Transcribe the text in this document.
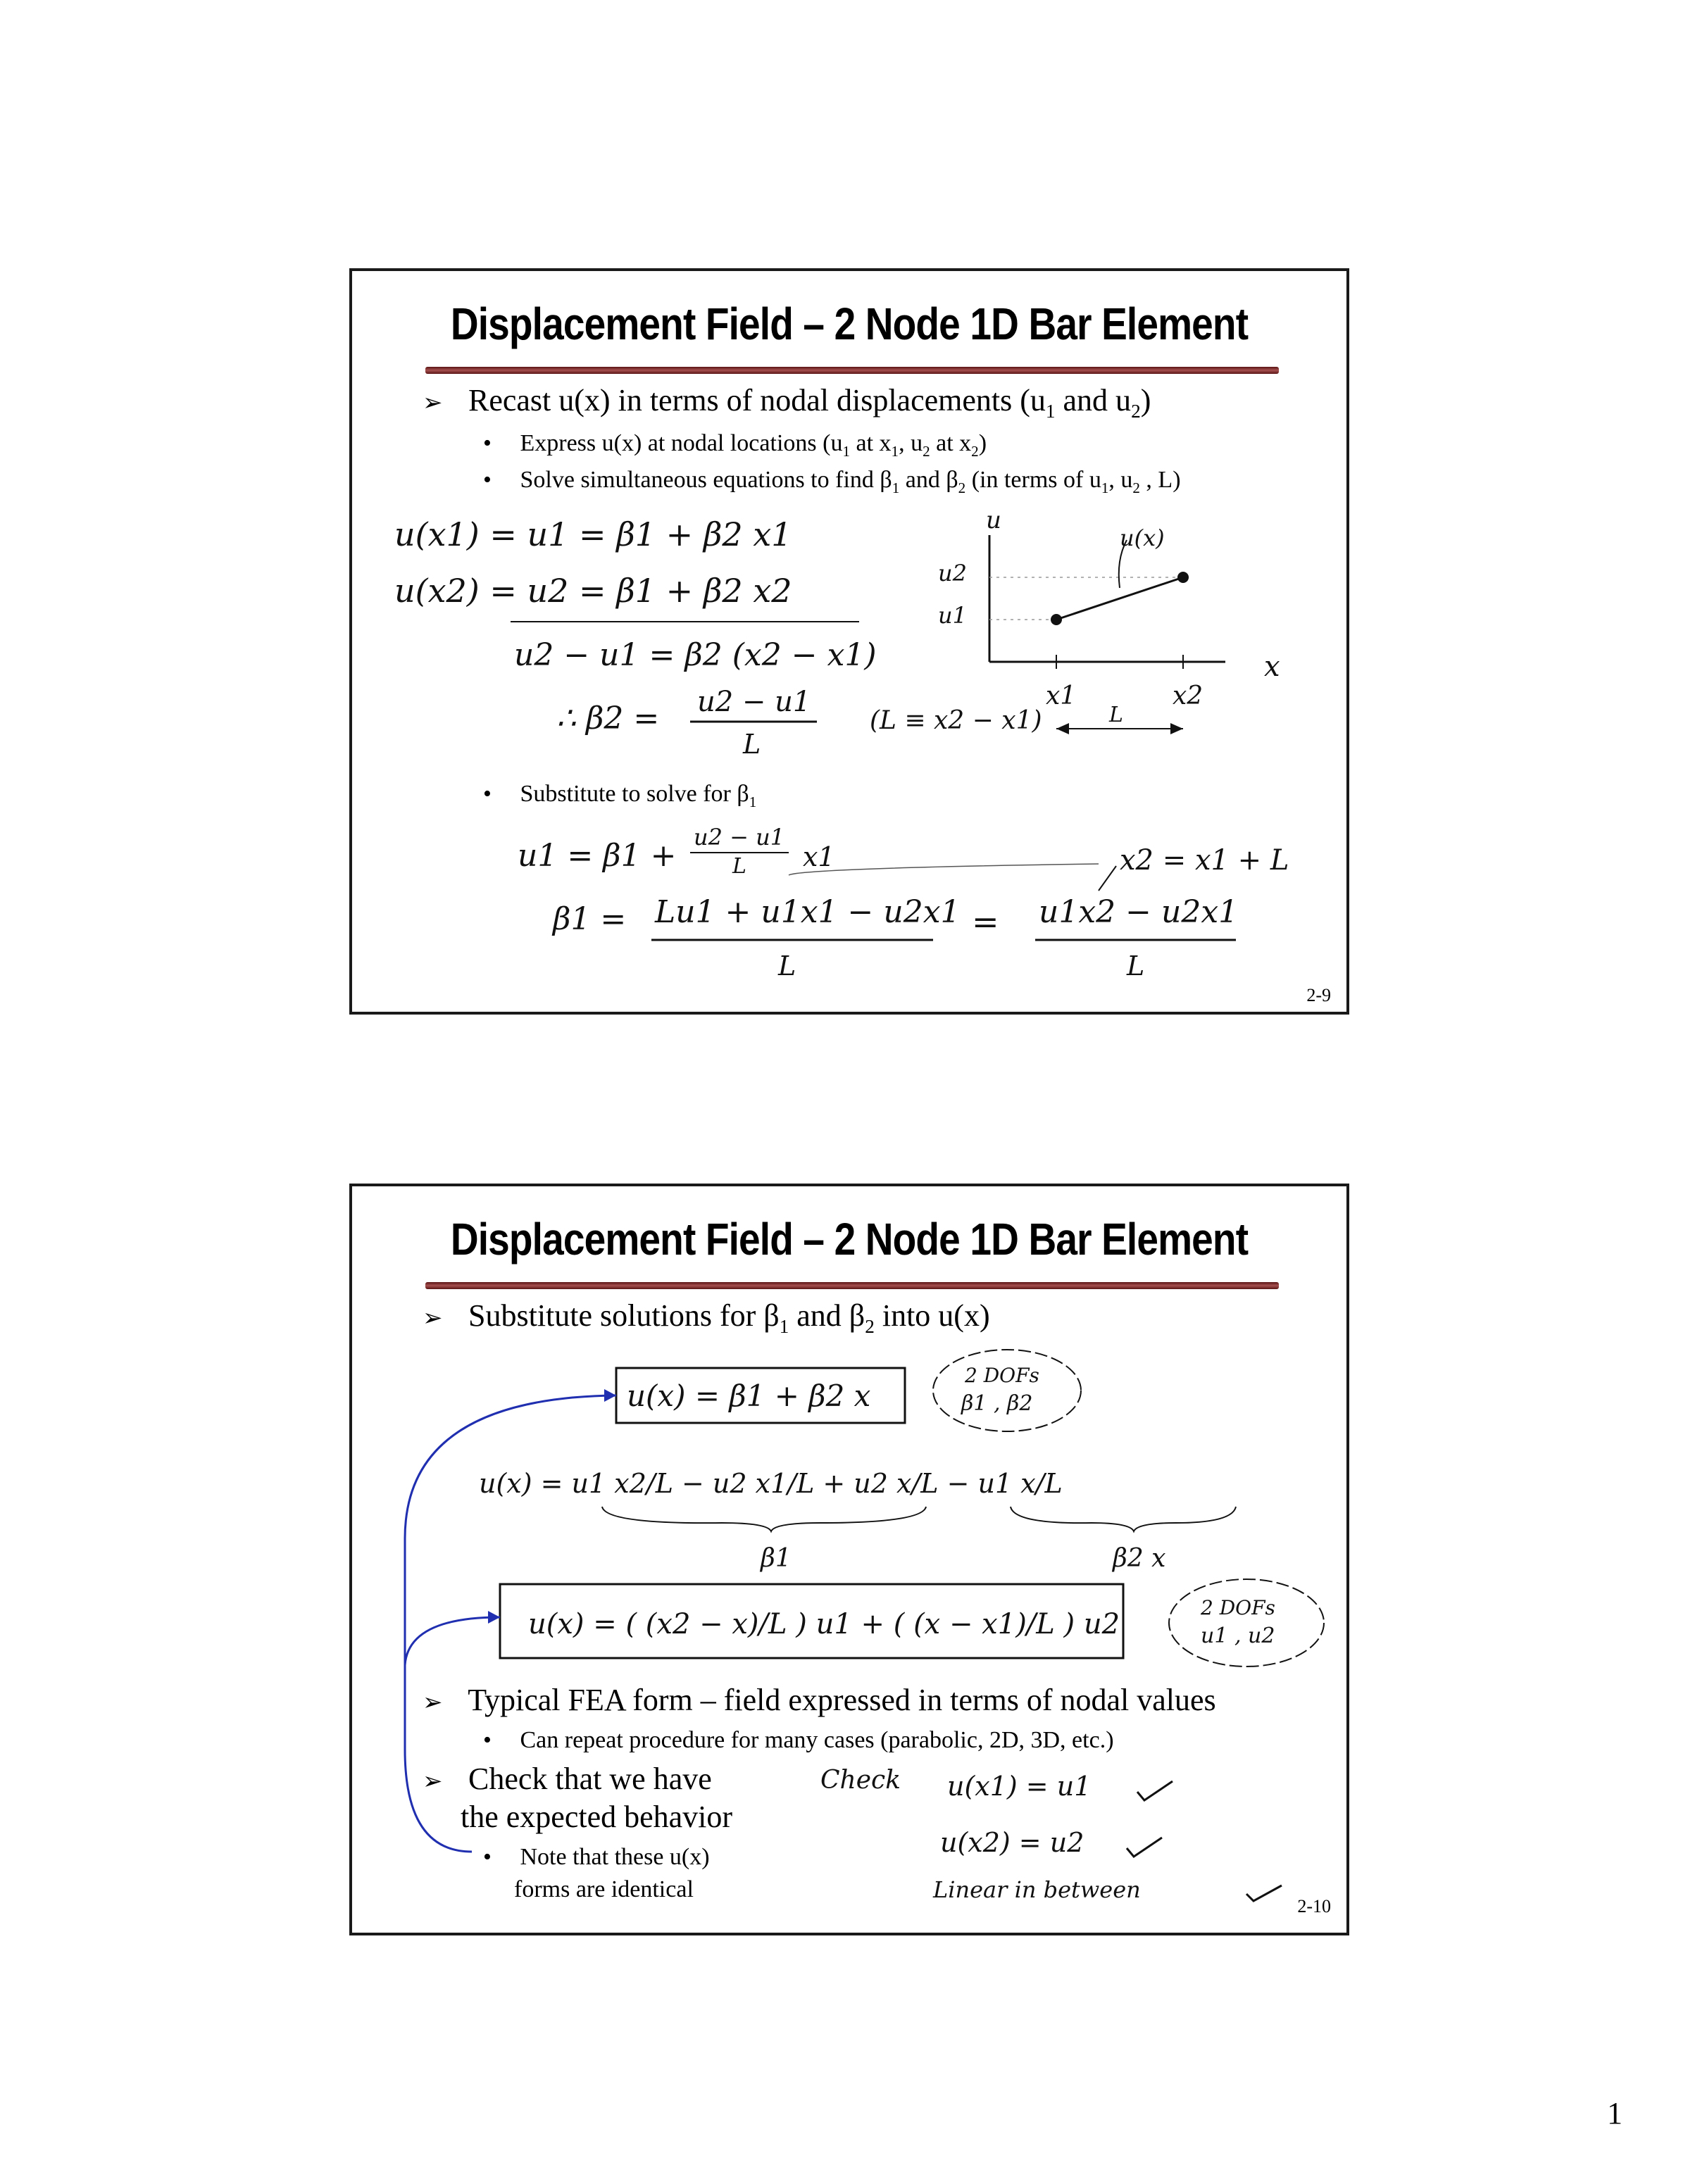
Displacement Field – 2 Node 1D Bar Element
➢ Recast u(x) in terms of nodal displacements ($u_1$ and $u_2$)
• Express u(x) at nodal locations ($u_1$ at $x_1$, $u_2$ at $x_2$)
• Solve simultaneous equations to find $\beta_1$ and $\beta_2$ (in terms of $u_1$, $u_2$ , L)
u(x1) = u1 = β1 + β2 x1
u(x2) = u2 = β1 + β2 x2
u2 − u1 = β2 (x2 − x1)
∴ β2 = u2 − u1
L
(L ≡ x2 − x1)
u
u2
u1
u(x)
x
x1	x2
L
• Substitute to solve for $\beta_1$
u1 = β1 +
u2 − u1
L x1	x2 = x1 + L
β1 = Lu1 + u1x1 − u2x1
L
= u1x2 − u2x1
L
2-9
Displacement Field – 2 Node 1D Bar Element
➢ Substitute solutions for $\beta_1$ and $\beta_2$ into u(x)
u(x) = β1 + β2 x
2 DOFs
β1 , β2
u(x) = u1 x2/L − u2 x1/L + u2 x/L − u1 x/L
β1	β2 x
u(x) = ( (x2 − x)/L ) u1 + ( (x − x1)/L ) u2
2 DOFs
u1 , u2
➢ Typical FEA form – field expressed in terms of nodal values
• Can repeat procedure for many cases (parabolic, 2D, 3D, etc.)
➢ Check that we have
the expected behavior
• Note that these u(x)
forms are identical
Check u(x1) = u1
u(x2) = u2
Linear in between
2-10
1
